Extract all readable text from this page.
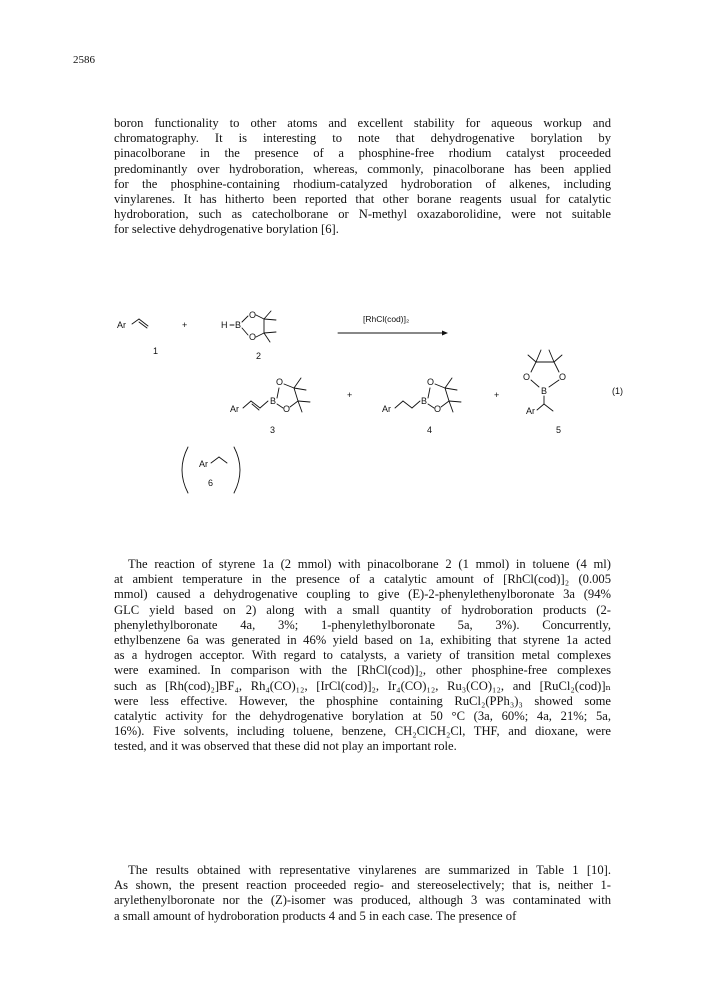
2586
boron functionality to other atoms and excellent stability for aqueous workup and
chromatography. It is interesting to note that dehydrogenative borylation by
pinacolborane in the presence of a phosphine-free rhodium catalyst proceeded
predominantly over hydroboration, whereas, commonly, pinacolborane has been applied
for the phosphine-containing rhodium-catalyzed hydroboration of alkenes, including
vinylarenes. It has hitherto been reported that other borane reagents usual for catalytic
hydroboration, such as catecholborane or N-methyl oxazaborolidine, were not suitable
for selective dehydrogenative borylation [6].
Ar
1
+	H B
O
O
2
[RhCl(cod)]₂
Ar
B
O
O
3
+
Ar
B
O
O
4
+
O	O
B
Ar
5
(1)
Ar
6
The reaction of styrene 1a (2 mmol) with pinacolborane 2 (1 mmol) in toluene (4 ml)
at ambient temperature in the presence of a catalytic amount of [RhCl(cod)]₂ (0.005
mmol) caused a dehydrogenative coupling to give (E)-2-phenylethenylboronate 3a (94%
GLC yield based on 2) along with a small quantity of hydroboration products (2-
phenylethylboronate 4a, 3%; 1-phenylethylboronate 5a, 3%). Concurrently,
ethylbenzene 6a was generated in 46% yield based on 1a, exhibiting that styrene 1a acted
as a hydrogen acceptor. With regard to catalysts, a variety of transition metal complexes
were examined. In comparison with the [RhCl(cod)]₂, other phosphine-free complexes
such as [Rh(cod)₂]BF₄, Rh₄(CO)₁₂, [IrCl(cod)]₂, Ir₄(CO)₁₂, Ru₃(CO)₁₂, and [RuCl₂(cod)]ₙ
were less effective. However, the phosphine containing RuCl₂(PPh₃)₃ showed some
catalytic activity for the dehydrogenative borylation at 50 °C (3a, 60%; 4a, 21%; 5a,
16%). Five solvents, including toluene, benzene, CH₂ClCH₂Cl, THF, and dioxane, were
tested, and it was observed that these did not play an important role.
The results obtained with representative vinylarenes are summarized in Table 1 [10].
As shown, the present reaction proceeded regio- and stereoselectively; that is, neither 1-
arylethenylboronate nor the (Z)-isomer was produced, although 3 was contaminated with
a small amount of hydroboration products 4 and 5 in each case. The presence of
